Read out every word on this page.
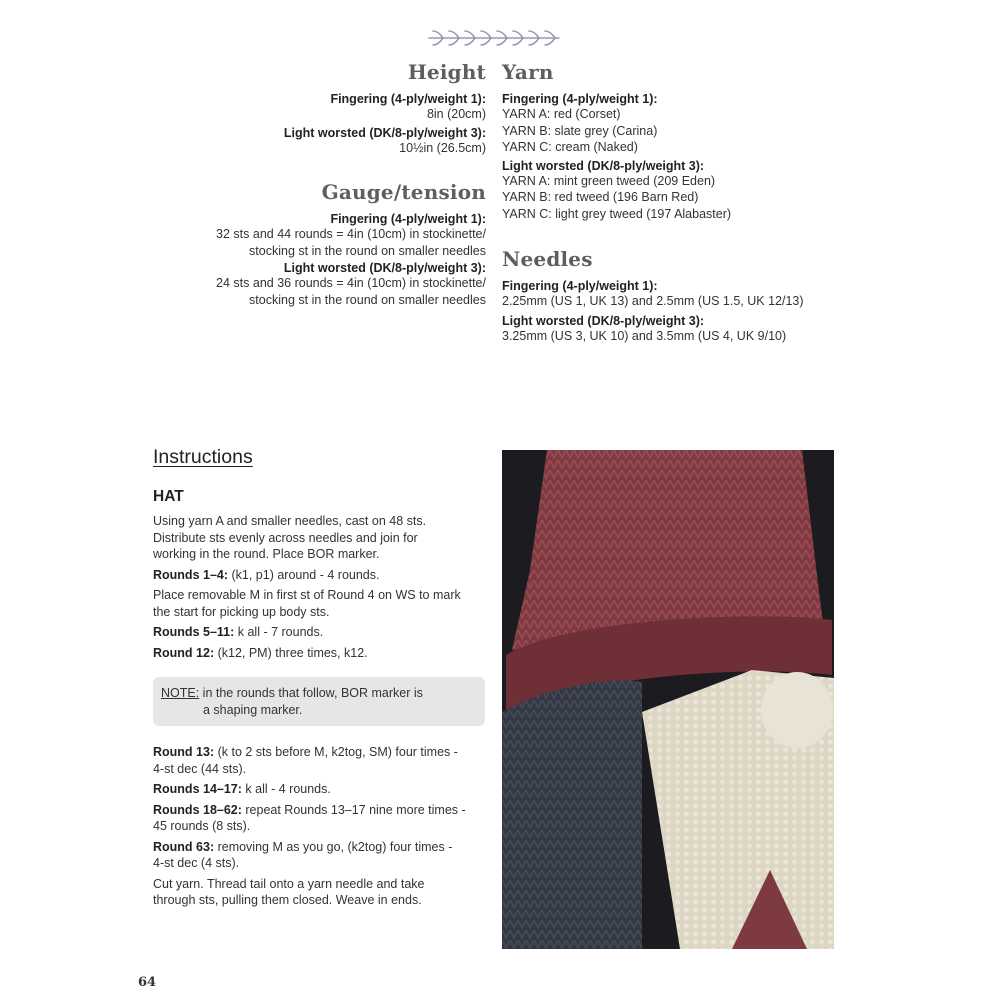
Height
Fingering (4-ply/weight 1):
8in (20cm)
Light worsted (DK/8-ply/weight 3):
10½in (26.5cm)
Gauge/tension
Fingering (4-ply/weight 1):
32 sts and 44 rounds = 4in (10cm) in stockinette/
stocking st in the round on smaller needles
Light worsted (DK/8-ply/weight 3):
24 sts and 36 rounds = 4in (10cm) in stockinette/
stocking st in the round on smaller needles
Yarn
Fingering (4-ply/weight 1):
YARN A: red (Corset)
YARN B: slate grey (Carina)
YARN C: cream (Naked)
Light worsted (DK/8-ply/weight 3):
YARN A: mint green tweed (209 Eden)
YARN B: red tweed (196 Barn Red)
YARN C: light grey tweed (197 Alabaster)
Needles
Fingering (4-ply/weight 1):
2.25mm (US 1, UK 13) and 2.5mm (US 1.5, UK 12/13)
Light worsted (DK/8-ply/weight 3):
3.25mm (US 3, UK 10) and 3.5mm (US 4, UK 9/10)
Instructions
HAT

Using yarn A and smaller needles, cast on 48 sts.
Distribute sts evenly across needles and join for
working in the round. Place BOR marker.

Rounds 1–4: (k1, p1) around - 4 rounds.

Place removable M in first st of Round 4 on WS to mark
the start for picking up body sts.

Rounds 5–11: k all - 7 rounds.

Round 12: (k12, PM) three times, k12.

NOTE: in the rounds that follow, BOR marker is
a shaping marker.

Round 13: (k to 2 sts before M, k2tog, SM) four times -
4-st dec (44 sts).

Rounds 14–17: k all - 4 rounds.

Rounds 18–62: repeat Rounds 13–17 nine more times -
45 rounds (8 sts).

Round 63: removing M as you go, (k2tog) four times -
4-st dec (4 sts).

Cut yarn. Thread tail onto a yarn needle and take
through sts, pulling them closed. Weave in ends.

64
